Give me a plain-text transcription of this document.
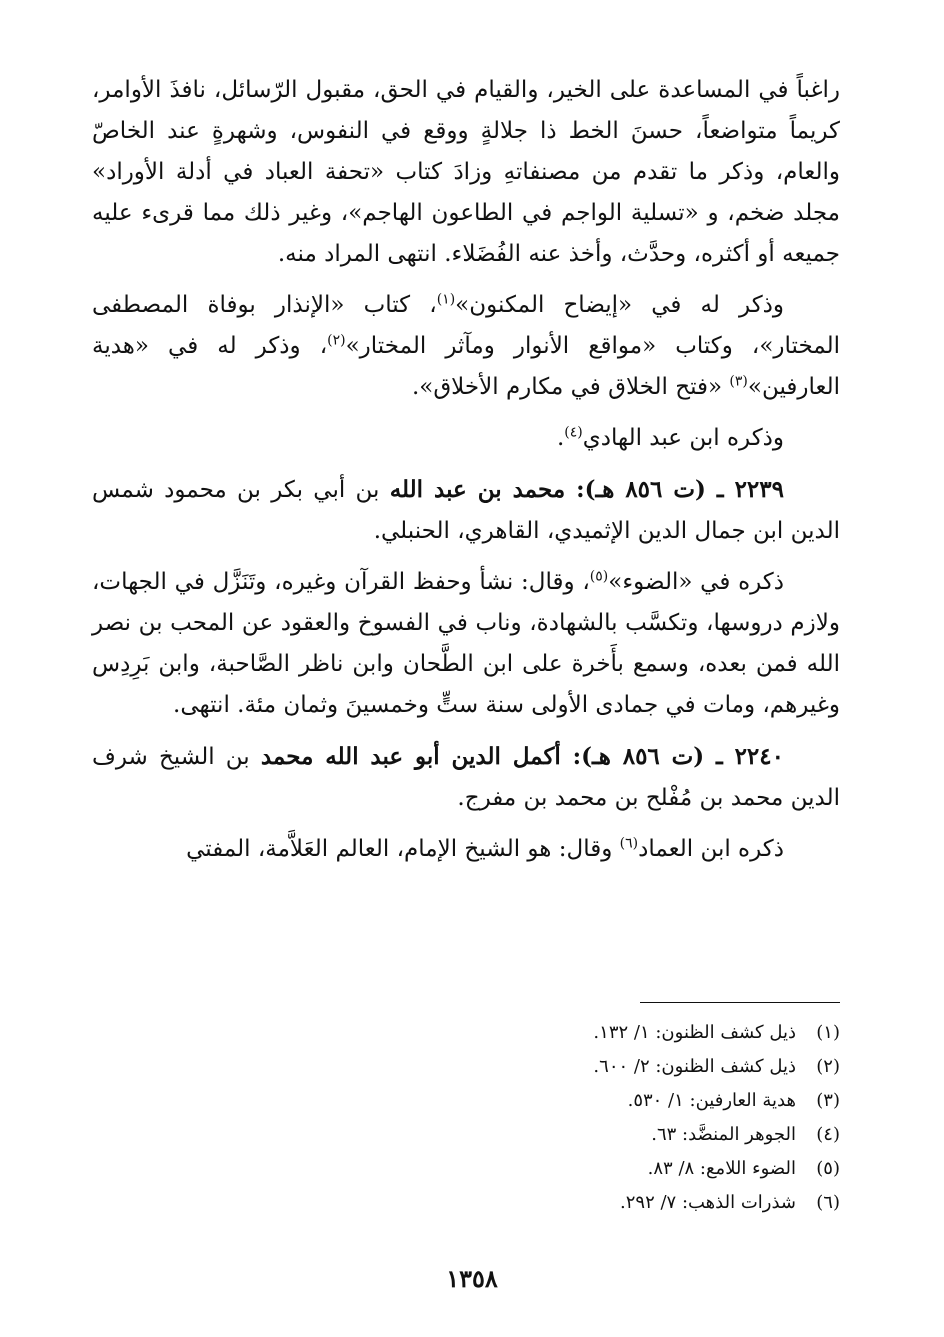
راغباً في المساعدة على الخير، والقيام في الحق، مقبول الرّسائل، نافذَ الأوامر، كريماً متواضعاً، حسنَ الخط ذا جلالةٍ ووقع في النفوس، وشهرةٍ عند الخاصّ والعام، وذكر ما تقدم من مصنفاتهِ وزادَ كتاب «تحفة العباد في أدلة الأوراد» مجلد ضخم، و «تسلية الواجم في الطاعون الهاجم»، وغير ذلك مما قرىء عليه جميعه أو أكثره، وحدَّث، وأخذ عنه الفُضَلاء. انتهى المراد منه.

وذكر له في «إيضاح المكنون»$^{(١)}$، كتاب «الإنذار بوفاة المصطفى المختار»، وكتاب «مواقع الأنوار ومآثر المختار»$^{(٢)}$، وذكر له في «هدية العارفين»$^{(٣)}$ «فتح الخلاق في مكارم الأخلاق».

وذكره ابن عبد الهادي$^{(٤)}$.

٢٢٣٩ ـ (ت ٨٥٦ هـ): محمد بن عبد الله بن أبي بكر بن محمود شمس الدين ابن جمال الدين الإثميدي، القاهري، الحنبلي.

ذكره في «الضوء»$^{(٥)}$، وقال: نشأ وحفظ القرآن وغيره، وتَنَزَّل في الجهات، ولازم دروسها، وتكسَّب بالشهادة، وناب في الفسوخ والعقود عن المحب بن نصر الله فمن بعده، وسمع بأَخرة على ابن الطَّحان وابن ناظر الصَّاحبة، وابن بَرِدِس وغيرهم، ومات في جمادى الأولى سنة ستٍّ وخمسينَ وثمان مئة. انتهى.

٢٢٤٠ ـ (ت ٨٥٦ هـ): أكمل الدين أبو عبد الله محمد بن الشيخ شرف الدين محمد بن مُفْلح بن محمد بن مفرج.

ذكره ابن العماد$^{(٦)}$ وقال: هو الشيخ الإمام، العالم العَلاَّمة، المفتي

(١)ذيل كشف الظنون: ١/ ١٣٢.
(٢)ذيل كشف الظنون: ٢/ ٦٠٠.
(٣)هدية العارفين: ١/ ٥٣٠.
(٤)الجوهر المنضَّد: ٦٣.
(٥)الضوء اللامع: ٨/ ٨٣.
(٦)شذرات الذهب: ٧/ ٢٩٢.
١٣٥٨
